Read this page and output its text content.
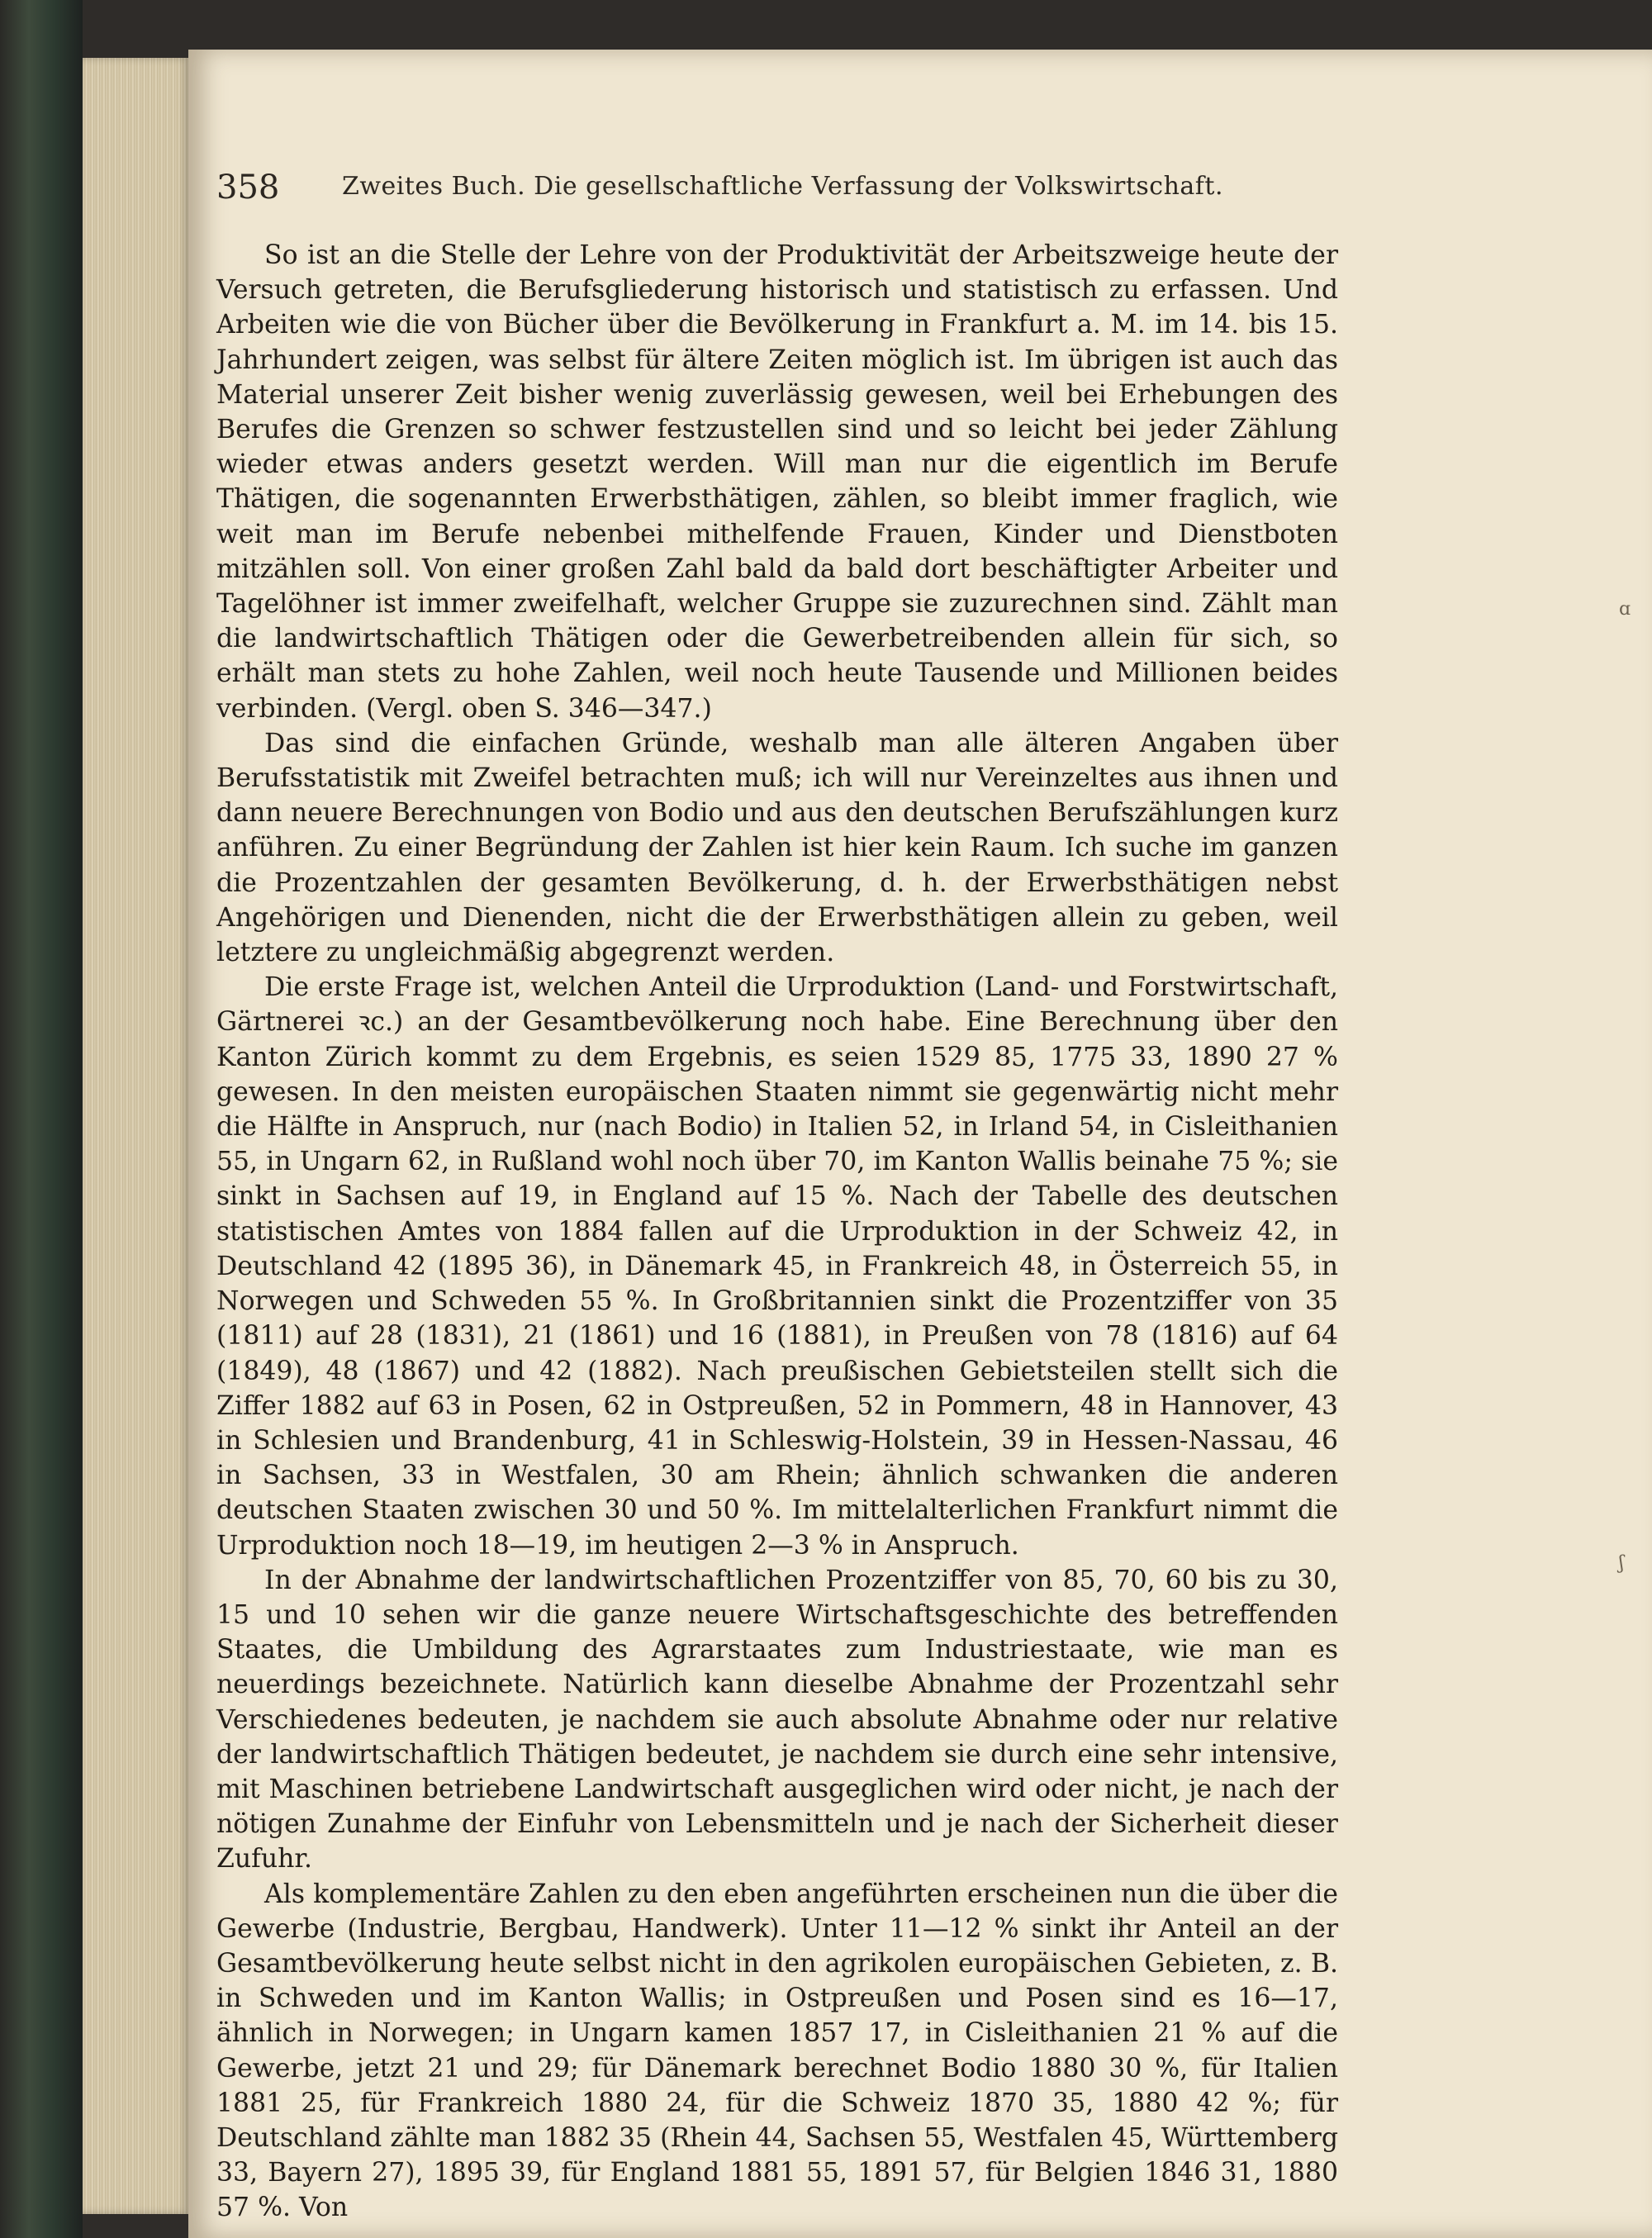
358	Zweites Buch. Die gesellschaftliche Verfassung der Volkswirtschaft.

So ist an die Stelle der Lehre von der Produktivität der Arbeitszweige heute der Versuch getreten, die Berufsgliederung historisch und statistisch zu erfassen. Und Arbeiten wie die von Bücher über die Bevölkerung in Frankfurt a. M. im 14. bis 15. Jahrhundert zeigen, was selbst für ältere Zeiten möglich ist. Im übrigen ist auch das Material unserer Zeit bisher wenig zuverlässig gewesen, weil bei Erhebungen des Berufes die Grenzen so schwer festzustellen sind und so leicht bei jeder Zählung wieder etwas anders gesetzt werden. Will man nur die eigentlich im Berufe Thätigen, die sogenannten Erwerbsthätigen, zählen, so bleibt immer fraglich, wie weit man im Berufe nebenbei mithelfende Frauen, Kinder und Dienstboten mitzählen soll. Von einer großen Zahl bald da bald dort beschäftigter Arbeiter und Tagelöhner ist immer zweifelhaft, welcher Gruppe sie zuzurechnen sind. Zählt man die landwirtschaftlich Thätigen oder die Gewerbetreibenden allein für sich, so erhält man stets zu hohe Zahlen, weil noch heute Tausende und Millionen beides verbinden. (Vergl. oben S. 346—347.)

Das sind die einfachen Gründe, weshalb man alle älteren Angaben über Berufsstatistik mit Zweifel betrachten muß; ich will nur Vereinzeltes aus ihnen und dann neuere Berechnungen von Bodio und aus den deutschen Berufszählungen kurz anführen. Zu einer Begründung der Zahlen ist hier kein Raum. Ich suche im ganzen die Prozentzahlen der gesamten Bevölkerung, d. h. der Erwerbsthätigen nebst Angehörigen und Dienenden, nicht die der Erwerbsthätigen allein zu geben, weil letztere zu ungleichmäßig abgegrenzt werden.

Die erste Frage ist, welchen Anteil die Urproduktion (Land- und Forstwirtschaft, Gärtnerei ꝛc.) an der Gesamtbevölkerung noch habe. Eine Berechnung über den Kanton Zürich kommt zu dem Ergebnis, es seien 1529 85, 1775 33, 1890 27 % gewesen. In den meisten europäischen Staaten nimmt sie gegenwärtig nicht mehr die Hälfte in Anspruch, nur (nach Bodio) in Italien 52, in Irland 54, in Cisleithanien 55, in Ungarn 62, in Rußland wohl noch über 70, im Kanton Wallis beinahe 75 %; sie sinkt in Sachsen auf 19, in England auf 15 %. Nach der Tabelle des deutschen statistischen Amtes von 1884 fallen auf die Urproduktion in der Schweiz 42, in Deutschland 42 (1895 36), in Dänemark 45, in Frankreich 48, in Österreich 55, in Norwegen und Schweden 55 %. In Großbritannien sinkt die Prozentziffer von 35 (1811) auf 28 (1831), 21 (1861) und 16 (1881), in Preußen von 78 (1816) auf 64 (1849), 48 (1867) und 42 (1882). Nach preußischen Gebietsteilen stellt sich die Ziffer 1882 auf 63 in Posen, 62 in Ostpreußen, 52 in Pommern, 48 in Hannover, 43 in Schlesien und Brandenburg, 41 in Schleswig-Holstein, 39 in Hessen-Nassau, 46 in Sachsen, 33 in Westfalen, 30 am Rhein; ähnlich schwanken die anderen deutschen Staaten zwischen 30 und 50 %. Im mittelalterlichen Frankfurt nimmt die Urproduktion noch 18—19, im heutigen 2—3 % in Anspruch.

In der Abnahme der landwirtschaftlichen Prozentziffer von 85, 70, 60 bis zu 30, 15 und 10 sehen wir die ganze neuere Wirtschaftsgeschichte des betreffenden Staates, die Umbildung des Agrarstaates zum Industriestaate, wie man es neuerdings bezeichnete. Natürlich kann dieselbe Abnahme der Prozentzahl sehr Verschiedenes bedeuten, je nachdem sie auch absolute Abnahme oder nur relative der landwirtschaftlich Thätigen bedeutet, je nachdem sie durch eine sehr intensive, mit Maschinen betriebene Landwirtschaft ausgeglichen wird oder nicht, je nach der nötigen Zunahme der Einfuhr von Lebensmitteln und je nach der Sicherheit dieser Zufuhr.

Als komplementäre Zahlen zu den eben angeführten erscheinen nun die über die Gewerbe (Industrie, Bergbau, Handwerk). Unter 11—12 % sinkt ihr Anteil an der Gesamtbevölkerung heute selbst nicht in den agrikolen europäischen Gebieten, z. B. in Schweden und im Kanton Wallis; in Ostpreußen und Posen sind es 16—17, ähnlich in Norwegen; in Ungarn kamen 1857 17, in Cisleithanien 21 % auf die Gewerbe, jetzt 21 und 29; für Dänemark berechnet Bodio 1880 30 %, für Italien 1881 25, für Frankreich 1880 24, für die Schweiz 1870 35, 1880 42 %; für Deutschland zählte man 1882 35 (Rhein 44, Sachsen 55, Westfalen 45, Württemberg 33, Bayern 27), 1895 39, für England 1881 55, 1891 57, für Belgien 1846 31, 1880 57 %. Von

ɑ
ʃ
